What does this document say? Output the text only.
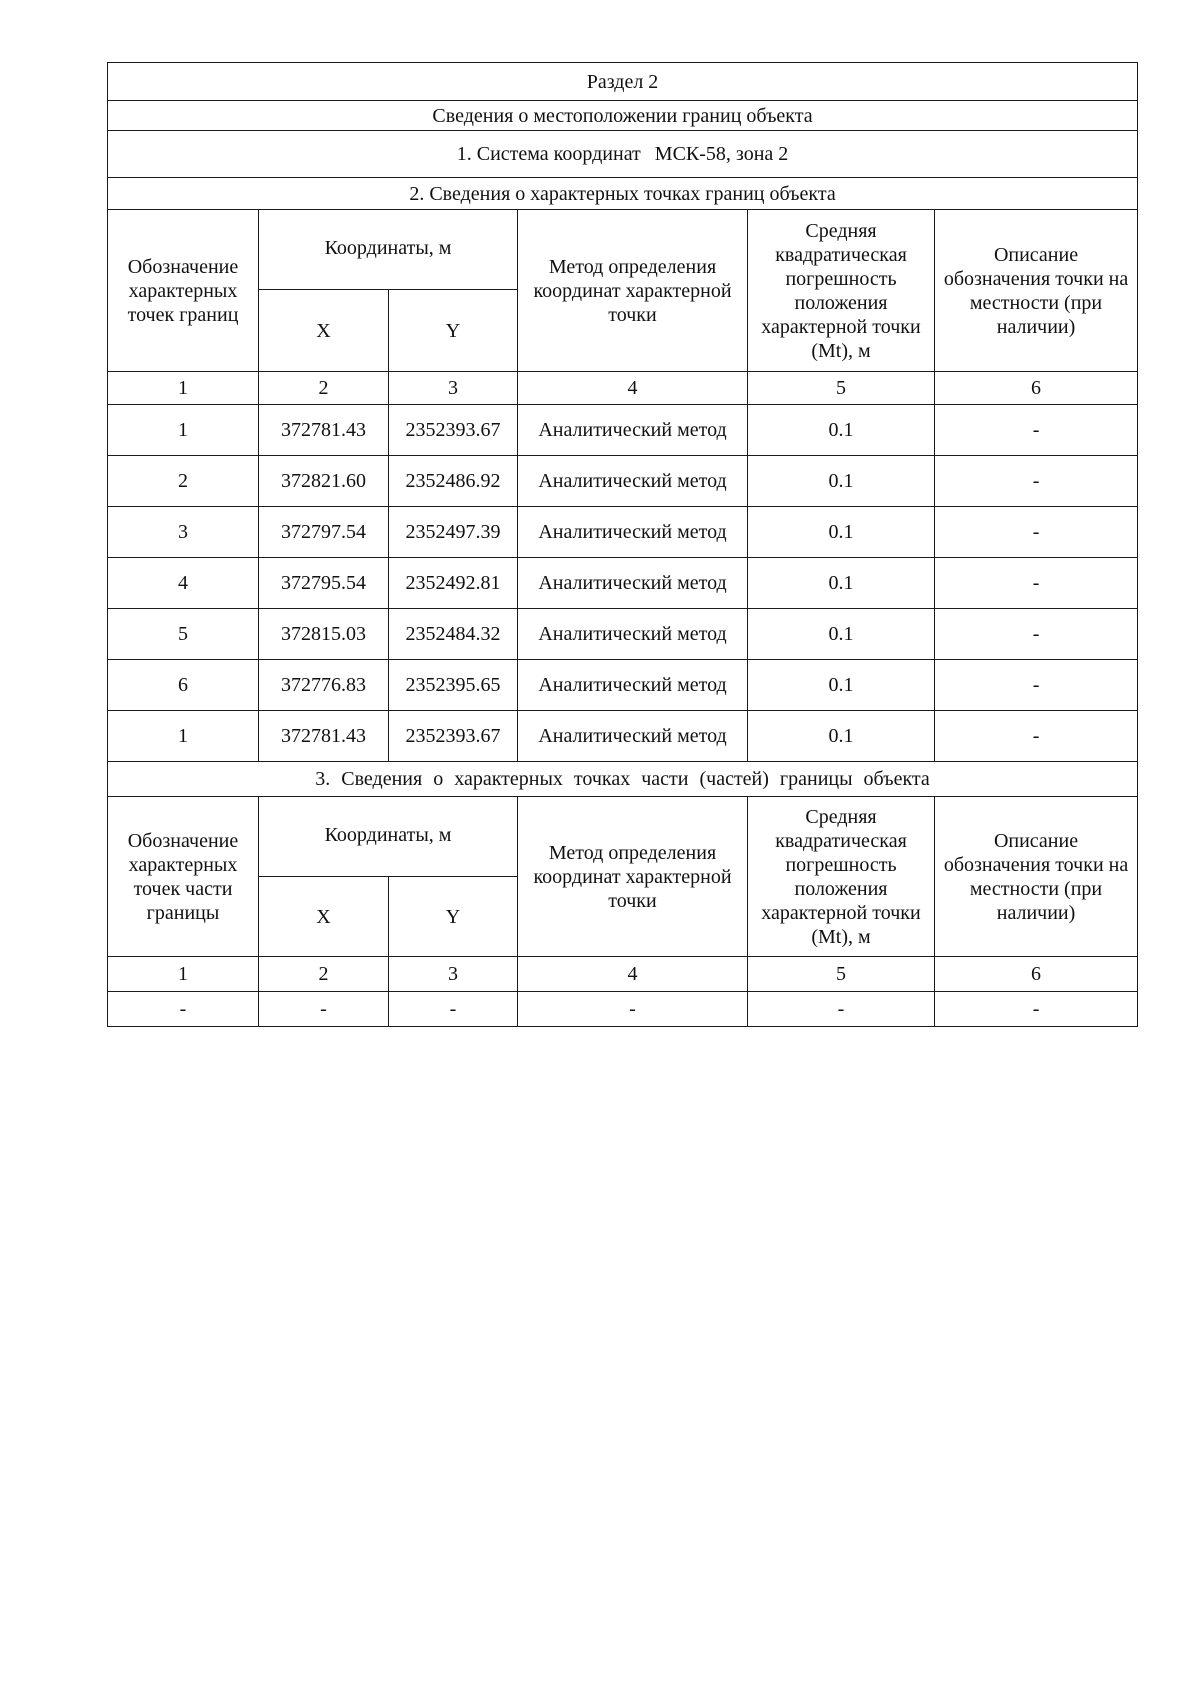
Раздел 2					
Сведения о местоположении границ объекта					
1. Система координат МСК-58, зона 2					
2. Сведения о характерных точках границ объекта					
Обозначение характерных точек границ	Координаты, м		Метод определения координат характерной точки	Средняя квадратическая погрешность положения характерной точки (Mt), м	Описание обозначения точки на местности (при наличии)
	X	Y			
1	2	3	4	5	6
1	372781.43	2352393.67	Аналитический метод	0.1	-
2	372821.60	2352486.92	Аналитический метод	0.1	-
3	372797.54	2352497.39	Аналитический метод	0.1	-
4	372795.54	2352492.81	Аналитический метод	0.1	-
5	372815.03	2352484.32	Аналитический метод	0.1	-
6	372776.83	2352395.65	Аналитический метод	0.1	-
1	372781.43	2352393.67	Аналитический метод	0.1	-
3. Сведения о характерных точках части (частей) границы объекта					
Обозначение характерных точек части границы	Координаты, м		Метод определения координат характерной точки	Средняя квадратическая погрешность положения характерной точки (Mt), м	Описание обозначения точки на местности (при наличии)
	X	Y			
1	2	3	4	5	6
-	-	-	-	-	-
